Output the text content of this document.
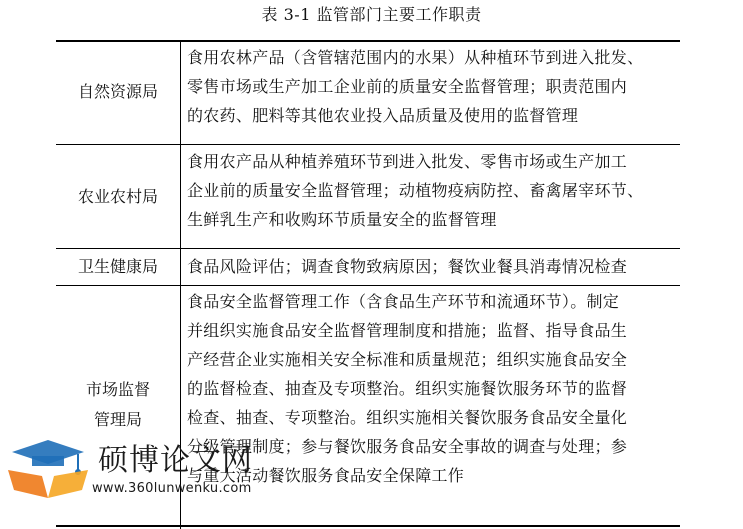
表 3-1 监管部门主要工作职责
自然资源局
食用农林产品（含管辖范围内的水果）从种植环节到进入批发、
零售市场或生产加工企业前的质量安全监督管理；职责范围内
的农药、肥料等其他农业投入品质量及使用的监督管理
农业农村局
食用农产品从种植养殖环节到进入批发、零售市场或生产加工
企业前的质量安全监督管理；动植物疫病防控、畜禽屠宰环节、
生鲜乳生产和收购环节质量安全的监督管理
卫生健康局 食品风险评估；调查食物致病原因；餐饮业餐具消毒情况检查
市场监督
管理局
食品安全监督管理工作（含食品生产环节和流通环节）。制定
并组织实施食品安全监督管理制度和措施；监督、指导食品生
产经营企业实施相关安全标准和质量规范；组织实施食品安全
的监督检查、抽查及专项整治。组织实施餐饮服务环节的监督
检查、抽查、专项整治。组织实施相关餐饮服务食品安全量化
分级管理制度；参与餐饮服务食品安全事故的调查与处理；参
与重大活动餐饮服务食品安全保障工作
硕博论文网
www.360lunwenku.com
